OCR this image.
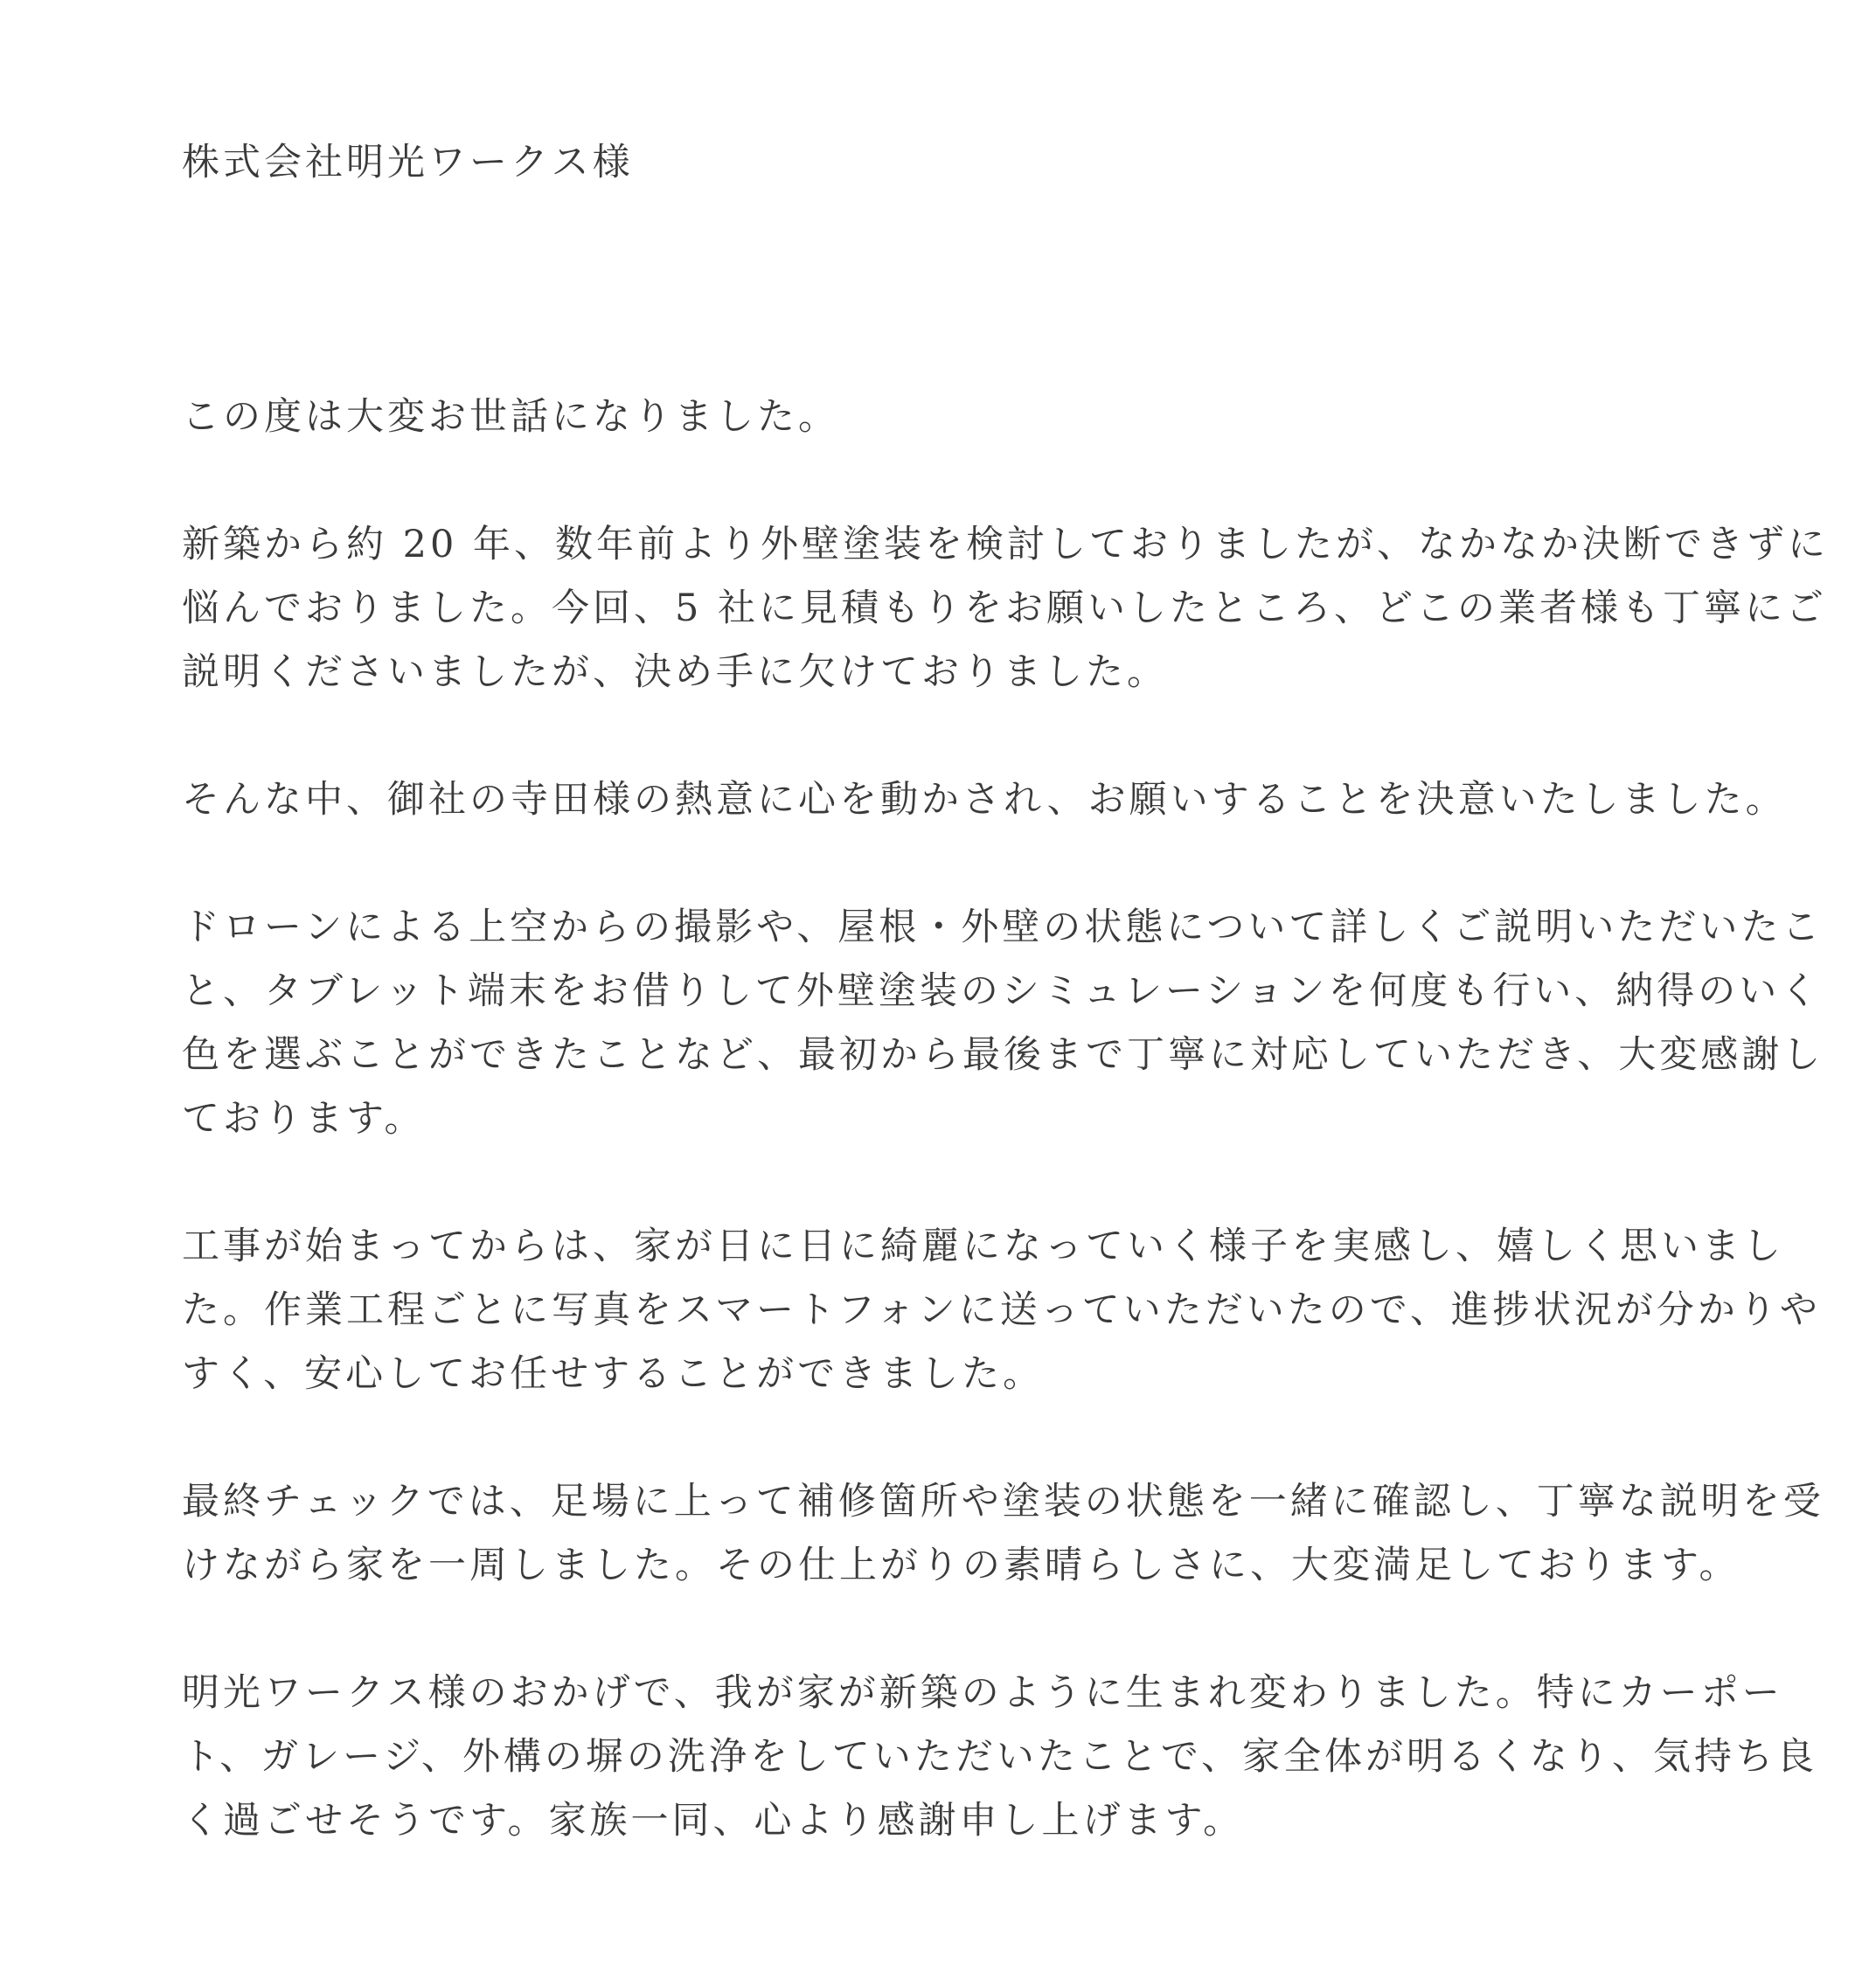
株式会社明光ワークス様

この度は大変お世話になりました。

新築から約 20 年、数年前より外壁塗装を検討しておりましたが、なかなか決断できずに
悩んでおりました。今回、5 社に見積もりをお願いしたところ、どこの業者様も丁寧にご
説明くださいましたが、決め手に欠けておりました。

そんな中、御社の寺田様の熱意に心を動かされ、お願いすることを決意いたしました。

ドローンによる上空からの撮影や、屋根・外壁の状態について詳しくご説明いただいたこ
と、タブレット端末をお借りして外壁塗装のシミュレーションを何度も行い、納得のいく
色を選ぶことができたことなど、最初から最後まで丁寧に対応していただき、大変感謝し
ております。

工事が始まってからは、家が日に日に綺麗になっていく様子を実感し、嬉しく思いまし
た。作業工程ごとに写真をスマートフォンに送っていただいたので、進捗状況が分かりや
すく、安心してお任せすることができました。

最終チェックでは、足場に上って補修箇所や塗装の状態を一緒に確認し、丁寧な説明を受
けながら家を一周しました。その仕上がりの素晴らしさに、大変満足しております。

明光ワークス様のおかげで、我が家が新築のように生まれ変わりました。特にカーポー
ト、ガレージ、外構の塀の洗浄をしていただいたことで、家全体が明るくなり、気持ち良
く過ごせそうです。家族一同、心より感謝申し上げます。
